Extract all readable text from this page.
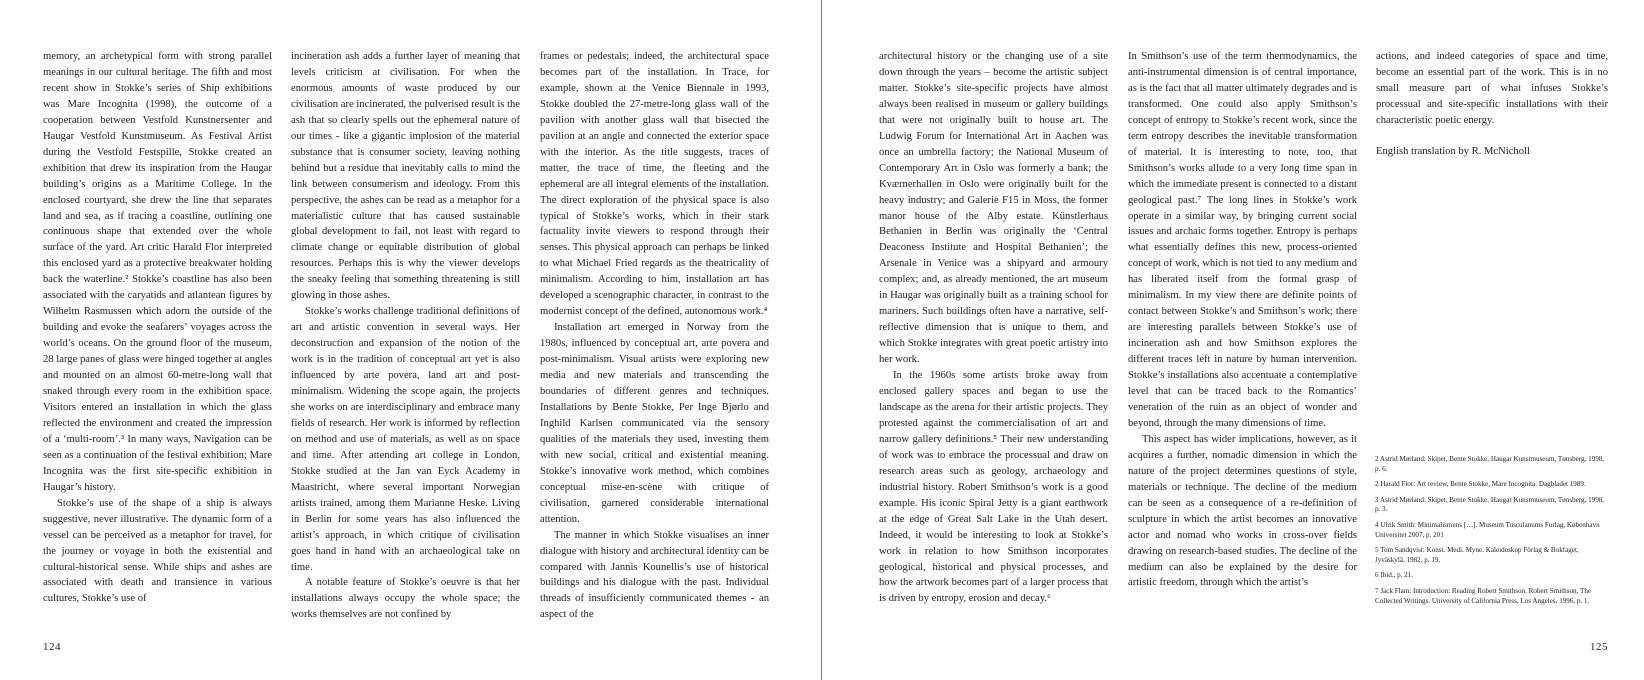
memory, an archetypical form with strong parallel meanings in our cultural heritage. The fifth and most recent show in Stokke’s series of Ship exhibitions was Mare Incognita (1998), the outcome of a cooperation between Vestfold Kunstnersenter and Haugar Vestfold Kunstmuseum. As Festival Artist during the Vestfold Festspille, Stokke created an exhibition that drew its inspiration from the Haugar building’s origins as a Maritime College. In the enclosed courtyard, she drew the line that separates land and sea, as if tracing a coastline, outlining one continuous shape that extended over the whole surface of the yard. Art critic Harald Flor interpreted this enclosed yard as a protective breakwater holding back the waterline.² Stokke’s coastline has also been associated with the caryatids and atlantean figures by Wilhelm Rasmussen which adorn the outside of the building and evoke the seafarers’ voyages across the world’s oceans. On the ground floor of the museum, 28 large panes of glass were hinged together at angles and mounted on an almost 60-metre-long wall that snaked through every room in the exhibition space. Visitors entered an installation in which the glass reflected the environment and created the impression of a ‘multi-room’.³ In many ways, Navigation can be seen as a continuation of the festival exhibition; Mare Incognita was the first site-specific exhibition in Haugar’s history.

Stokke’s use of the shape of a ship is always suggestive, never illustrative. The dynamic form of a vessel can be perceived as a metaphor for travel, for the journey or voyage in both the existential and cultural-historical sense. While ships and ashes are associated with death and transience in various cultures, Stokke’s use of

incineration ash adds a further layer of meaning that levels criticism at civilisation. For when the enormous amounts of waste produced by our civilisation are incinerated, the pulverised result is the ash that so clearly spells out the ephemeral nature of our times - like a gigantic implosion of the material substance that is consumer society, leaving nothing behind but a residue that inevitably calls to mind the link between consumerism and ideology. From this perspective, the ashes can be read as a metaphor for a materialistic culture that has caused sustainable global development to fail, not least with regard to climate change or equitable distribution of global resources. Perhaps this is why the viewer develops the sneaky feeling that something threatening is still glowing in those ashes.

Stokke’s works challenge traditional definitions of art and artistic convention in several ways. Her deconstruction and expansion of the notion of the work is in the tradition of conceptual art yet is also influenced by arte povera, land art and post-minimalism. Widening the scope again, the projects she works on are interdisciplinary and embrace many fields of research. Her work is informed by reflection on method and use of materials, as well as on space and time. After attending art college in London, Stokke studied at the Jan van Eyck Academy in Maastricht, where several important Norwegian artists trained, among them Marianne Heske. Living in Berlin for some years has also influenced the artist’s approach, in which critique of civilisation goes hand in hand with an archaeological take on time.

A notable feature of Stokke’s oeuvre is that her installations always occupy the whole space; the works themselves are not confined by

frames or pedestals; indeed, the architectural space becomes part of the installation. In Trace, for example, shown at the Venice Biennale in 1993, Stokke doubled the 27-metre-long glass wall of the pavilion with another glass wall that bisected the pavilion at an angle and connected the exterior space with the interior. As the title suggests, traces of matter, the trace of time, the fleeting and the ephemeral are all integral elements of the installation. The direct exploration of the physical space is also typical of Stokke’s works, which in their stark factuality invite viewers to respond through their senses. This physical approach can perhaps be linked to what Michael Fried regards as the theatricality of minimalism. According to him, installation art has developed a scenographic character, in contrast to the modernist concept of the defined, autonomous work.⁴

Installation art emerged in Norway from the 1980s, influenced by conceptual art, arte povera and post-minimalism. Visual artists were exploring new media and new materials and transcending the boundaries of different genres and techniques. Installations by Bente Stokke, Per Inge Bjørlo and Inghild Karlsen communicated via the sensory qualities of the materials they used, investing them with new social, critical and existential meaning. Stokke’s innovative work method, which combines conceptual mise-en-scène with critique of civilisation, garnered considerable international attention.

The manner in which Stokke visualises an inner dialogue with history and architectural identity can be compared with Jannis Kounellis’s use of historical buildings and his dialogue with the past. Individual threads of insufficiently communicated themes - an aspect of the

124

architectural history or the changing use of a site down through the years – become the artistic subject matter. Stokke’s site-specific projects have almost always been realised in museum or gallery buildings that were not originally built to house art. The Ludwig Forum for International Art in Aachen was once an umbrella factory; the National Museum of Contemporary Art in Oslo was formerly a bank; the Kværnerhallen in Oslo were originally built for the heavy industry; and Galerie F15 in Moss, the former manor house of the Alby estate. Künstlerhaus Bethanien in Berlin was originally the ‘Central Deaconess Institute and Hospital Bethanien’; the Arsenale in Venice was a shipyard and armoury complex; and, as already mentioned, the art museum in Haugar was originally built as a training school for mariners. Such buildings often have a narrative, self-reflective dimension that is unique to them, and which Stokke integrates with great poetic artistry into her work.

In the 1960s some artists broke away from enclosed gallery spaces and began to use the landscape as the arena for their artistic projects. They protested against the commercialisation of art and narrow gallery definitions.⁵ Their new understanding of work was to embrace the processual and draw on research areas such as geology, archaeology and industrial history. Robert Smithson’s work is a good example. His iconic Spiral Jetty is a giant earthwork at the edge of Great Salt Lake in the Utah desert. Indeed, it would be interesting to look at Stokke’s work in relation to how Smithson incorporates geological, historical and physical processes, and how the artwork becomes part of a larger process that is driven by entropy, erosion and decay.⁶

In Smithson’s use of the term thermodynamics, the anti-instrumental dimension is of central importance, as is the fact that all matter ultimately degrades and is transformed. One could also apply Smithson’s concept of entropy to Stokke’s recent work, since the term entropy describes the inevitable transformation of material. It is interesting to note, too, that Smithson’s works allude to a very long time span in which the immediate present is connected to a distant geological past.⁷ The long lines in Stokke’s work operate in a similar way, by bringing current social issues and archaic forms together. Entropy is perhaps what essentially defines this new, process-oriented concept of work, which is not tied to any medium and has liberated itself from the formal grasp of minimalism. In my view there are definite points of contact between Stokke’s and Smithson’s work; there are interesting parallels between Stokke’s use of incineration ash and how Smithson explores the different traces left in nature by human intervention. Stokke’s installations also accentuate a contemplative level that can be traced back to the Romantics’ veneration of the ruin as an object of wonder and beyond, through the many dimensions of time.

This aspect has wider implications, however, as it acquires a further, nomadic dimension in which the nature of the project determines questions of style, materials or technique. The decline of the medium can be seen as a consequence of a re-definition of sculpture in which the artist becomes an innovative actor and nomad who works in cross-over fields drawing on research-based studies. The decline of the medium can also be explained by the desire for artistic freedom, through which the artist’s

actions, and indeed categories of space and time, become an essential part of the work. This is in no small measure part of what infuses Stokke’s processual and site-specific installations with their characteristic poetic energy.

English translation by R. McNicholl

2 Astrid Mørland: Skipet, Bente Stokke, Haugar Kunstmuseum, Tønsberg, 1998, p. 6.

2 Harald Flor: Art review, Bente Stokke, Mare Incognita. Dagbladet 1989.

3 Astrid Mørland: Skipet, Bente Stokke. Haugar Kunstmuseum, Tønsberg, 1998, p. 3.

4 Ulrik Smith: Minimalismens […]. Museum Tusculanums Forlag, København Universitet 2007, p. 201

5 Tom Sandqvist: Konst. Medi. Myne. Kaleidoskop Förlag & Bokfaget, Jyväskylä, 1982, p. 19.

6 Ibid., p. 21.

7 Jack Flam: Introduction: Reading Robert Smithson. Robert Smithson, The Collected Writings. University of California Press, Los Angeles, 1996, p. 1.

125
